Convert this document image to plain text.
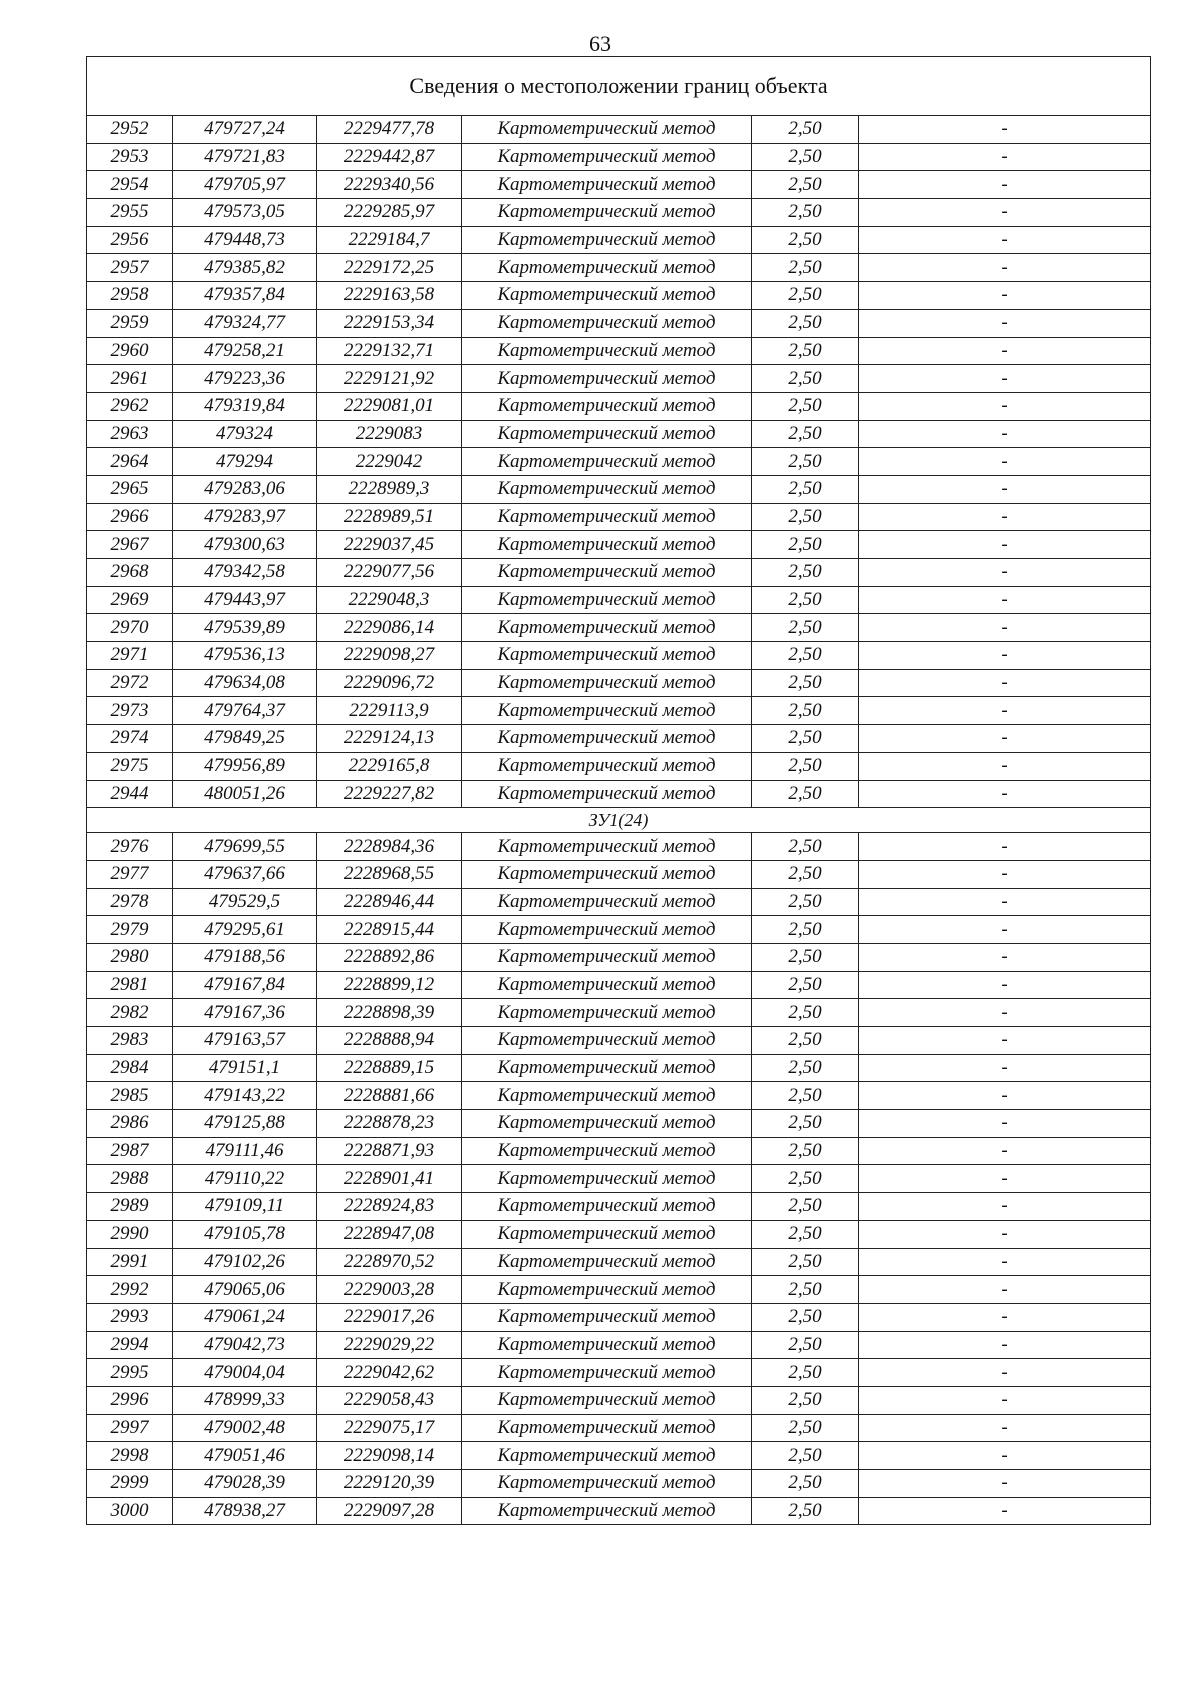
63
Сведения о местоположении границ объекта					
2952	479727,24	2229477,78	Картометрический метод	2,50	-
2953	479721,83	2229442,87	Картометрический метод	2,50	-
2954	479705,97	2229340,56	Картометрический метод	2,50	-
2955	479573,05	2229285,97	Картометрический метод	2,50	-
2956	479448,73	2229184,7	Картометрический метод	2,50	-
2957	479385,82	2229172,25	Картометрический метод	2,50	-
2958	479357,84	2229163,58	Картометрический метод	2,50	-
2959	479324,77	2229153,34	Картометрический метод	2,50	-
2960	479258,21	2229132,71	Картометрический метод	2,50	-
2961	479223,36	2229121,92	Картометрический метод	2,50	-
2962	479319,84	2229081,01	Картометрический метод	2,50	-
2963	479324	2229083	Картометрический метод	2,50	-
2964	479294	2229042	Картометрический метод	2,50	-
2965	479283,06	2228989,3	Картометрический метод	2,50	-
2966	479283,97	2228989,51	Картометрический метод	2,50	-
2967	479300,63	2229037,45	Картометрический метод	2,50	-
2968	479342,58	2229077,56	Картометрический метод	2,50	-
2969	479443,97	2229048,3	Картометрический метод	2,50	-
2970	479539,89	2229086,14	Картометрический метод	2,50	-
2971	479536,13	2229098,27	Картометрический метод	2,50	-
2972	479634,08	2229096,72	Картометрический метод	2,50	-
2973	479764,37	2229113,9	Картометрический метод	2,50	-
2974	479849,25	2229124,13	Картометрический метод	2,50	-
2975	479956,89	2229165,8	Картометрический метод	2,50	-
2944	480051,26	2229227,82	Картометрический метод	2,50	-
ЗУ1(24)					
2976	479699,55	2228984,36	Картометрический метод	2,50	-
2977	479637,66	2228968,55	Картометрический метод	2,50	-
2978	479529,5	2228946,44	Картометрический метод	2,50	-
2979	479295,61	2228915,44	Картометрический метод	2,50	-
2980	479188,56	2228892,86	Картометрический метод	2,50	-
2981	479167,84	2228899,12	Картометрический метод	2,50	-
2982	479167,36	2228898,39	Картометрический метод	2,50	-
2983	479163,57	2228888,94	Картометрический метод	2,50	-
2984	479151,1	2228889,15	Картометрический метод	2,50	-
2985	479143,22	2228881,66	Картометрический метод	2,50	-
2986	479125,88	2228878,23	Картометрический метод	2,50	-
2987	479111,46	2228871,93	Картометрический метод	2,50	-
2988	479110,22	2228901,41	Картометрический метод	2,50	-
2989	479109,11	2228924,83	Картометрический метод	2,50	-
2990	479105,78	2228947,08	Картометрический метод	2,50	-
2991	479102,26	2228970,52	Картометрический метод	2,50	-
2992	479065,06	2229003,28	Картометрический метод	2,50	-
2993	479061,24	2229017,26	Картометрический метод	2,50	-
2994	479042,73	2229029,22	Картометрический метод	2,50	-
2995	479004,04	2229042,62	Картометрический метод	2,50	-
2996	478999,33	2229058,43	Картометрический метод	2,50	-
2997	479002,48	2229075,17	Картометрический метод	2,50	-
2998	479051,46	2229098,14	Картометрический метод	2,50	-
2999	479028,39	2229120,39	Картометрический метод	2,50	-
3000	478938,27	2229097,28	Картометрический метод	2,50	-
